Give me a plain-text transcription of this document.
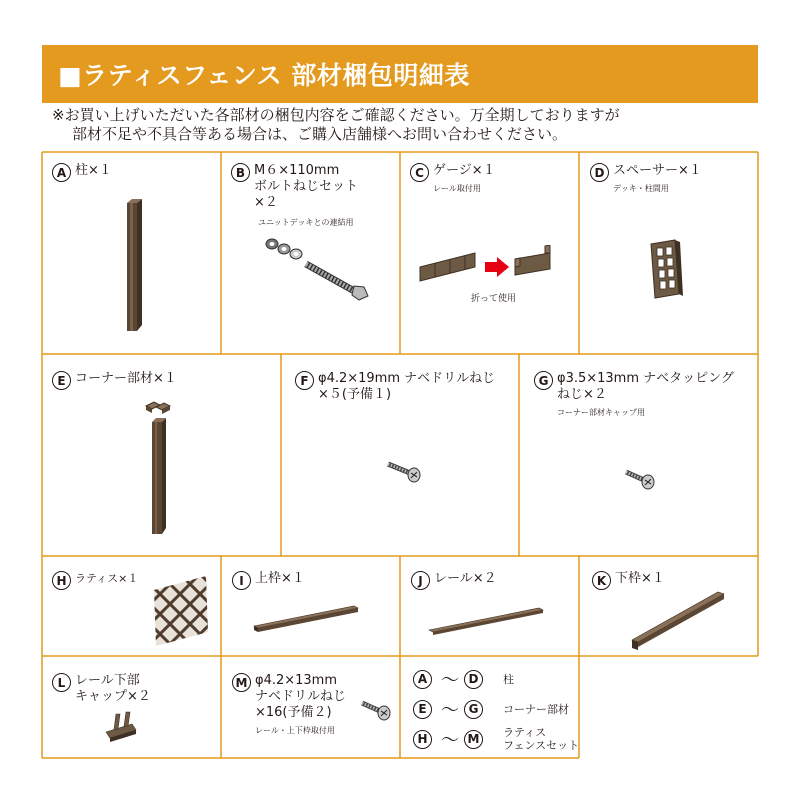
■ラティスフェンス 部材梱包明細表
※お買い上げいただいた各部材の梱包内容をご確認ください。万全期しておりますが
部材不足や不具合等ある場合は、ご購入店舗様へお問い合わせください。
A 柱×１	B M６×110mm
ボルトねじセット
×２
ユニットデッキとの連結用
C ゲージ×１
レール取付用
折って使用
D スペーサー×１
デッキ・柱間用
E コーナー部材×１	F φ4.2×19mm ナベドリルねじ
×５(予備１)
G φ3.5×13mm ナベタッピング
ねじ×２
コーナー部材キャップ用
H ラティス×１	I 上枠×１	J レール×２	K 下枠×１
L レール下部
キャップ×２
M φ4.2×13mm
ナベドリルねじ
×16(予備２)
レール・上下枠取付用
A 〜 D	柱
E 〜 G	コーナー部材
H 〜 M	ラティス
フェンスセット
